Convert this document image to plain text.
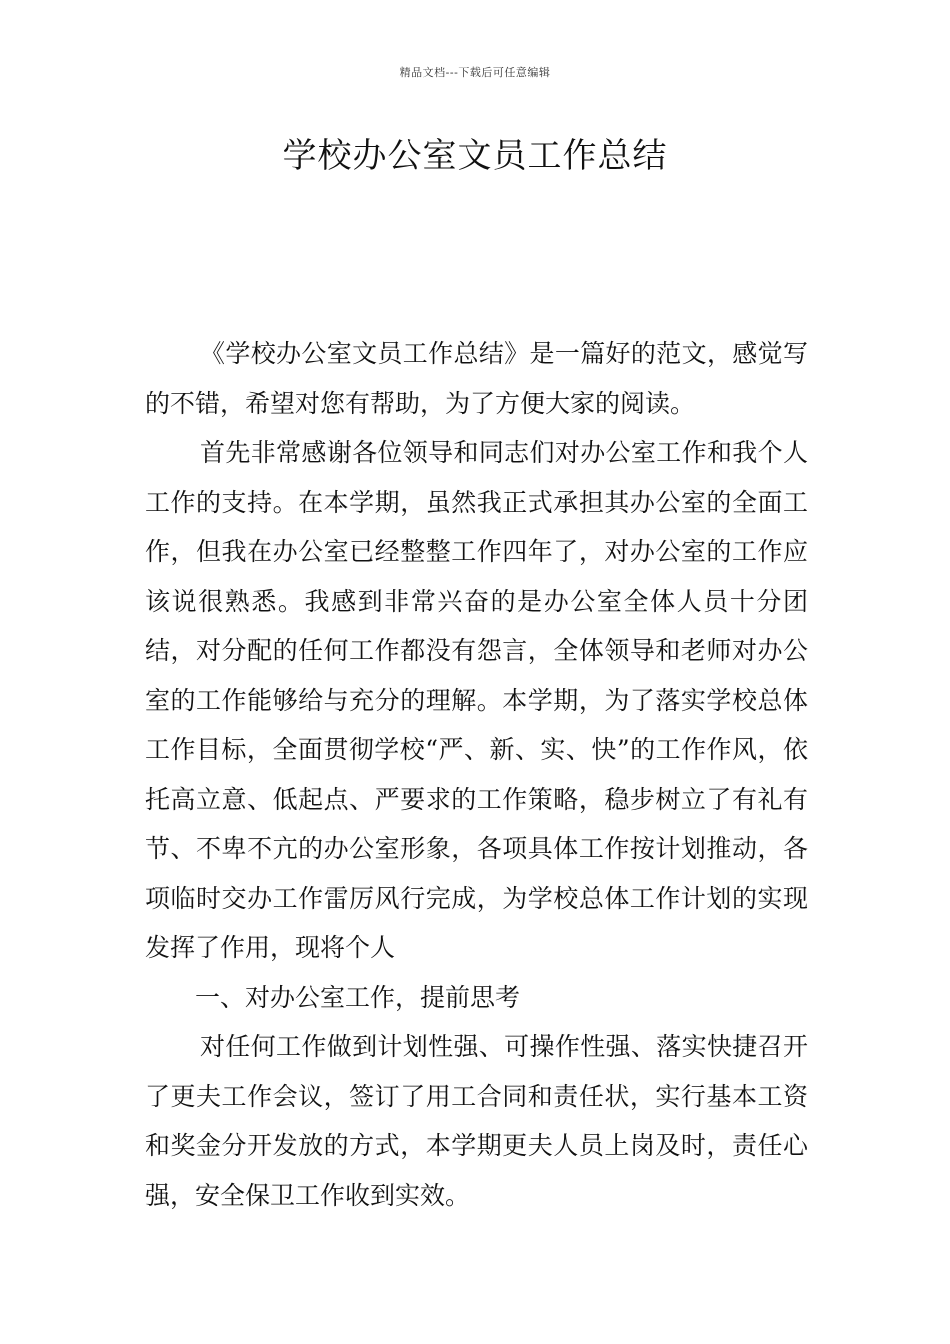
精品文档---下载后可任意编辑
学校办公室文员工作总结

《学校办公室文员工作总结》是一篇好的范文，感觉写的不错，希望对您有帮助，为了方便大家的阅读。

首先非常感谢各位领导和同志们对办公室工作和我个人工作的支持。在本学期，虽然我正式承担其办公室的全面工作，但我在办公室已经整整工作四年了，对办公室的工作应该说很熟悉。我感到非常兴奋的是办公室全体人员十分团结，对分配的任何工作都没有怨言，全体领导和老师对办公室的工作能够给与充分的理解。本学期，为了落实学校总体工作目标，全面贯彻学校“严、新、实、快”的工作作风，依托高立意、低起点、严要求的工作策略，稳步树立了有礼有节、不卑不亢的办公室形象，各项具体工作按计划推动，各项临时交办工作雷厉风行完成，为学校总体工作计划的实现发挥了作用，现将个人

一、对办公室工作，提前思考

对任何工作做到计划性强、可操作性强、落实快捷召开了更夫工作会议，签订了用工合同和责任状，实行基本工资和奖金分开发放的方式，本学期更夫人员上岗及时，责任心强，安全保卫工作收到实效。
